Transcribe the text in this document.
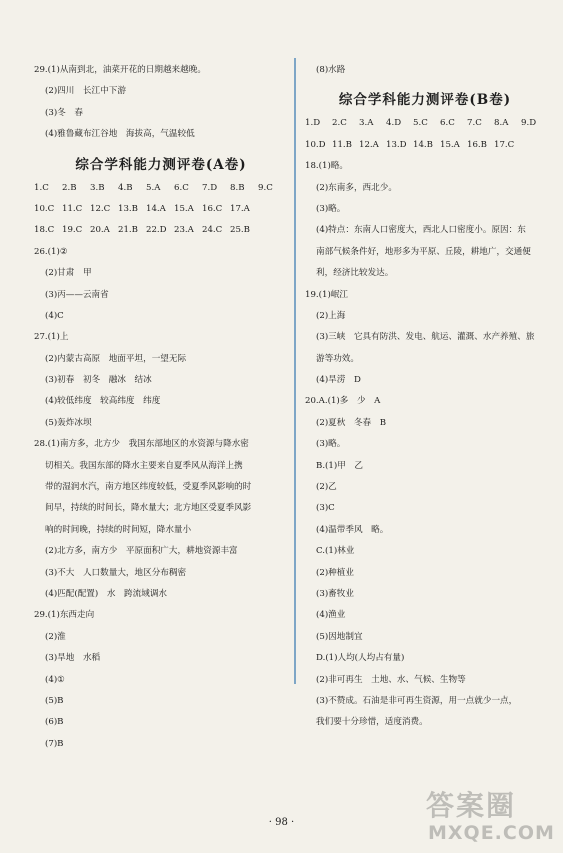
29.(1)从南到北，油菜开花的日期越来越晚。
(2)四川　长江中下游
(3)冬　春
(4)雅鲁藏布江谷地　海拔高，气温较低
综合学科能力测评卷(A卷)
1.C 2.B 3.B 4.B 5.A 6.C 7.D 8.B 9.C
10.C 11.C 12.C 13.B 14.A 15.A 16.C 17.A
18.C 19.C 20.A 21.B 22.D 23.A 24.C 25.B
26.(1)②
(2)甘肃　甲
(3)丙——云南省
(4)C
27.(1)上
(2)内蒙古高原　地面平坦，一望无际
(3)初春　初冬　融冰　结冰
(4)较低纬度　较高纬度　纬度
(5)轰炸冰坝
28.(1)南方多，北方少　我国东部地区的水资源与降水密
切相关。我国东部的降水主要来自夏季风从海洋上携
带的湿润水汽，南方地区纬度较低，受夏季风影响的时
间早，持续的时间长，降水量大；北方地区受夏季风影
响的时间晚，持续的时间短，降水量小
(2)北方多，南方少　平原面积广大，耕地资源丰富
(3)不大　人口数量大，地区分布稠密
(4)匹配(配置)　水　跨流域调水
29.(1)东西走向
(2)淮
(3)旱地　水稻
(4)①
(5)B
(6)B
(7)B
(8)水路
综合学科能力测评卷(B卷)
1.D 2.C 3.A 4.D 5.C 6.C 7.C 8.A 9.D
10.D 11.B 12.A 13.D 14.B 15.A 16.B 17.C
18.(1)略。
(2)东南多，西北少。
(3)略。
(4)特点：东南人口密度大，西北人口密度小。原因：东
南部气候条件好，地形多为平原、丘陵，耕地广，交通便
利，经济比较发达。
19.(1)岷江
(2)上海
(3)三峡　它具有防洪、发电、航运、灌溉、水产养殖、旅
游等功效。
(4)旱涝　D
20.A.(1)多　少　A
(2)夏秋　冬春　B
(3)略。
B.(1)甲　乙
(2)乙
(3)C
(4)温带季风　略。
C.(1)林业
(2)种植业
(3)畜牧业
(4)渔业
(5)因地制宜
D.(1)人均(人均占有量)
(2)非可再生　土地、水、气候、生物等
(3)不赞成。石油是非可再生资源，用一点就少一点，
我们要十分珍惜，适度消费。
· 98 ·
答案圈
MXQE.COM
